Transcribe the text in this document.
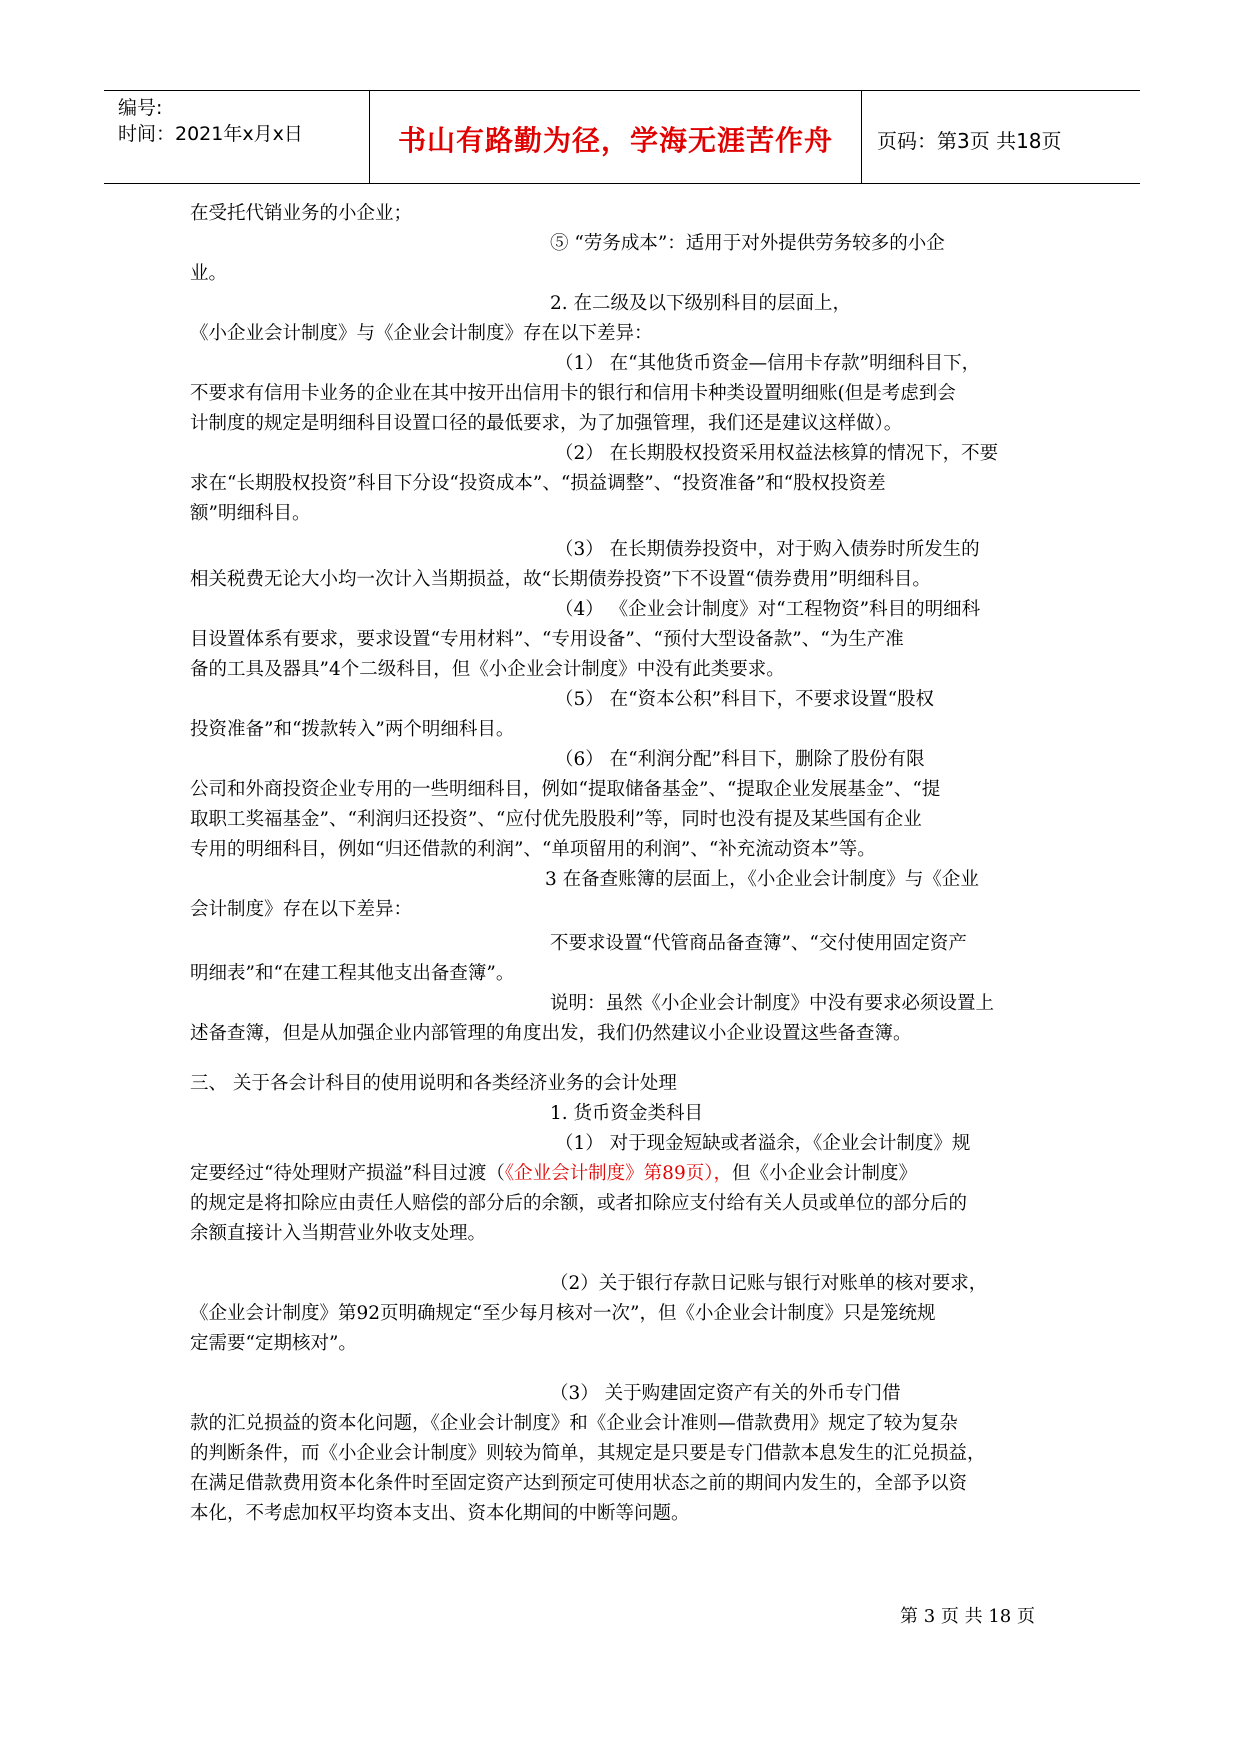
编号:
时间：2021年x月x日	书山有路勤为径，学海无涯苦作舟	页码：第3页 共18页
在受托代销业务的小企业；
⑤ “劳务成本”：适用于对外提供劳务较多的小企
业。
2. 在二级及以下级别科目的层面上，
《小企业会计制度》与《企业会计制度》存在以下差异：
（1） 在“其他货币资金—信用卡存款”明细科目下，
不要求有信用卡业务的企业在其中按开出信用卡的银行和信用卡种类设置明细账(但是考虑到会
计制度的规定是明细科目设置口径的最低要求，为了加强管理，我们还是建议这样做）。
（2） 在长期股权投资采用权益法核算的情况下，不要
求在“长期股权投资”科目下分设“投资成本”、“损益调整”、“投资准备”和“股权投资差
额”明细科目。
（3） 在长期债券投资中，对于购入债券时所发生的
相关税费无论大小均一次计入当期损益，故“长期债券投资”下不设置“债券费用”明细科目。
（4） 《企业会计制度》对“工程物资”科目的明细科
目设置体系有要求，要求设置“专用材料”、“专用设备”、“预付大型设备款”、“为生产准
备的工具及器具”4个二级科目，但《小企业会计制度》中没有此类要求。
（5） 在“资本公积”科目下，不要求设置“股权
投资准备”和“拨款转入”两个明细科目。
（6） 在“利润分配”科目下，删除了股份有限
公司和外商投资企业专用的一些明细科目，例如“提取储备基金”、“提取企业发展基金”、“提
取职工奖福基金”、“利润归还投资”、“应付优先股股利”等，同时也没有提及某些国有企业
专用的明细科目，例如“归还借款的利润”、“单项留用的利润”、“补充流动资本”等。
3 在备查账簿的层面上，《小企业会计制度》与《企业
会计制度》存在以下差异：
不要求设置“代管商品备查簿”、“交付使用固定资产
明细表”和“在建工程其他支出备查簿”。
说明：虽然《小企业会计制度》中没有要求必须设置上
述备查簿，但是从加强企业内部管理的角度出发，我们仍然建议小企业设置这些备查簿。
三、 关于各会计科目的使用说明和各类经济业务的会计处理
1. 货币资金类科目
（1） 对于现金短缺或者溢余，《企业会计制度》规
定要经过“待处理财产损溢”科目过渡（《企业会计制度》第89页），但《小企业会计制度》
的规定是将扣除应由责任人赔偿的部分后的余额，或者扣除应支付给有关人员或单位的部分后的
余额直接计入当期营业外收支处理。
（2）关于银行存款日记账与银行对账单的核对要求，
《企业会计制度》第92页明确规定“至少每月核对一次”，但《小企业会计制度》只是笼统规
定需要“定期核对”。
（3） 关于购建固定资产有关的外币专门借
款的汇兑损益的资本化问题，《企业会计制度》和《企业会计准则—借款费用》规定了较为复杂
的判断条件，而《小企业会计制度》则较为简单，其规定是只要是专门借款本息发生的汇兑损益，
在满足借款费用资本化条件时至固定资产达到预定可使用状态之前的期间内发生的，全部予以资
本化，不考虑加权平均资本支出、资本化期间的中断等问题。
第 3 页 共 18 页
